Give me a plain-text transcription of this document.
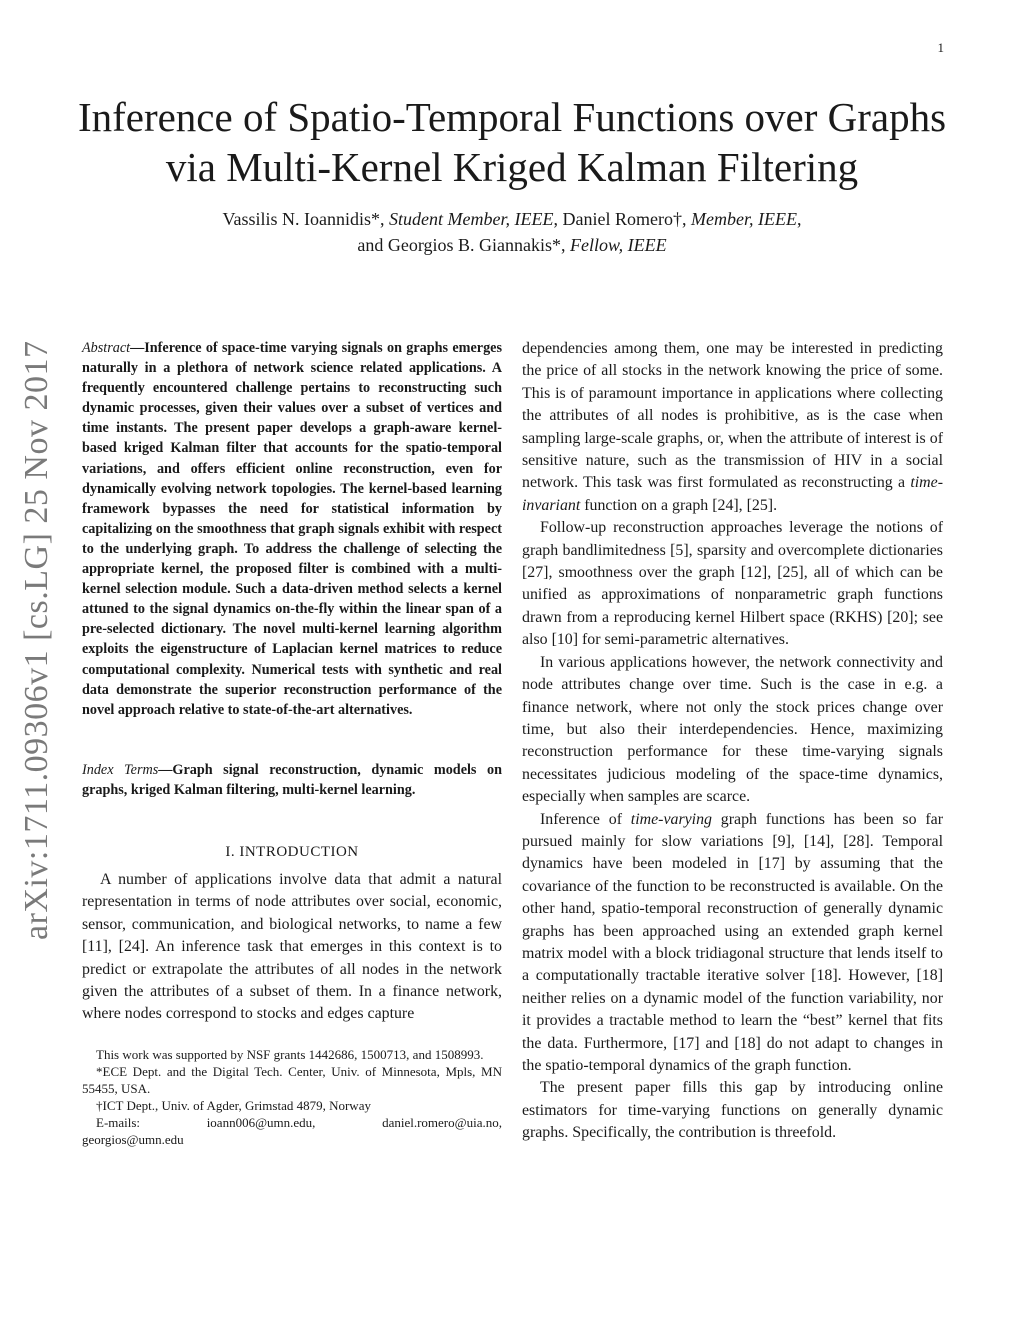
1
arXiv:1711.09306v1 [cs.LG] 25 Nov 2017
Inference of Spatio-Temporal Functions over Graphs
via Multi-Kernel Kriged Kalman Filtering
Vassilis N. Ioannidis*, Student Member, IEEE, Daniel Romero†, Member, IEEE,
and Georgios B. Giannakis*, Fellow, IEEE

Abstract—Inference of space-time varying signals on graphs emerges naturally in a plethora of network science related applications. A frequently encountered challenge pertains to reconstructing such dynamic processes, given their values over a subset of vertices and time instants. The present paper develops a graph-aware kernel-based kriged Kalman filter that accounts for the spatio-temporal variations, and offers efficient online reconstruction, even for dynamically evolving network topologies. The kernel-based learning framework bypasses the need for statistical information by capitalizing on the smoothness that graph signals exhibit with respect to the underlying graph. To address the challenge of selecting the appropriate kernel, the proposed filter is combined with a multi-kernel selection module. Such a data-driven method selects a kernel attuned to the signal dynamics on-the-fly within the linear span of a pre-selected dictionary. The novel multi-kernel learning algorithm exploits the eigenstructure of Laplacian kernel matrices to reduce computational complexity. Numerical tests with synthetic and real data demonstrate the superior reconstruction performance of the novel approach relative to state-of-the-art alternatives.

Index Terms—Graph signal reconstruction, dynamic models on graphs, kriged Kalman filtering, multi-kernel learning.

I. INTRODUCTION

A number of applications involve data that admit a natural representation in terms of node attributes over social, economic, sensor, communication, and biological networks, to name a few [11], [24]. An inference task that emerges in this context is to predict or extrapolate the attributes of all nodes in the network given the attributes of a subset of them. In a finance network, where nodes correspond to stocks and edges capture

This work was supported by NSF grants 1442686, 1500713, and 1508993.

*ECE Dept. and the Digital Tech. Center, Univ. of Minnesota, Mpls, MN 55455, USA.

†ICT Dept., Univ. of Agder, Grimstad 4879, Norway

E-mails:	ioann006@umn.edu,	daniel.romero@uia.no,

georgios@umn.edu

dependencies among them, one may be interested in predicting the price of all stocks in the network knowing the price of some. This is of paramount importance in applications where collecting the attributes of all nodes is prohibitive, as is the case when sampling large-scale graphs, or, when the attribute of interest is of sensitive nature, such as the transmission of HIV in a social network. This task was first formulated as reconstructing a time-invariant function on a graph [24], [25].

Follow-up reconstruction approaches leverage the notions of graph bandlimitedness [5], sparsity and overcomplete dictionaries [27], smoothness over the graph [12], [25], all of which can be unified as approximations of nonparametric graph functions drawn from a reproducing kernel Hilbert space (RKHS) [20]; see also [10] for semi-parametric alternatives.

In various applications however, the network connectivity and node attributes change over time. Such is the case in e.g. a finance network, where not only the stock prices change over time, but also their interdependencies. Hence, maximizing reconstruction performance for these time-varying signals necessitates judicious modeling of the space-time dynamics, especially when samples are scarce.

Inference of time-varying graph functions has been so far pursued mainly for slow variations [9], [14], [28]. Temporal dynamics have been modeled in [17] by assuming that the covariance of the function to be reconstructed is available. On the other hand, spatio-temporal reconstruction of generally dynamic graphs has been approached using an extended graph kernel matrix model with a block tridiagonal structure that lends itself to a computationally tractable iterative solver [18]. However, [18] neither relies on a dynamic model of the function variability, nor it provides a tractable method to learn the “best” kernel that fits the data. Furthermore, [17] and [18] do not adapt to changes in the spatio-temporal dynamics of the graph function.

The present paper fills this gap by introducing online estimators for time-varying functions on generally dynamic graphs. Specifically, the contribution is threefold.
